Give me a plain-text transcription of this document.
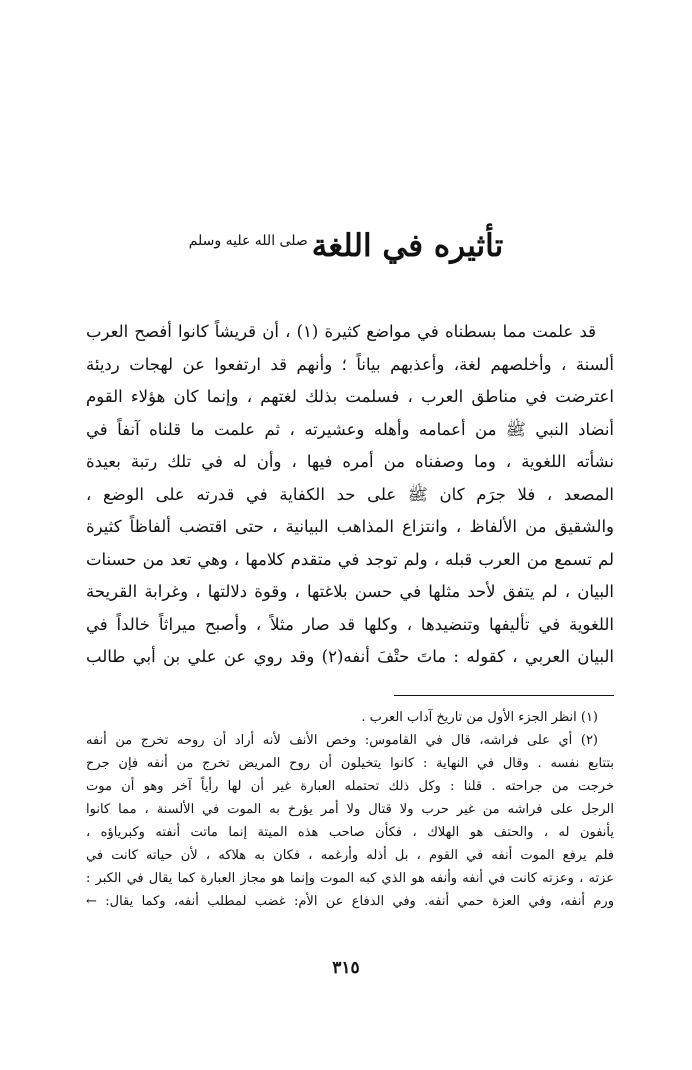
تأثيره في اللغة$^{صلى الله عليه وسلم}$
قد علمت مما بسطناه في مواضع كثيرة (١) ، أن قريشاً كانوا أفصح العرب
ألسنة ، وأخلصهم لغة، وأعذبهم بياناً ؛ وأنهم قد ارتفعوا عن لهجات رديئة
اعترضت في مناطق العرب ، فسلمت بذلك لغتهم ، وإنما كان هؤلاء القوم
أنضاد النبي ﷺ من أعمامه وأهله وعشيرته ، ثم علمت ما قلناه آنفاً في
نشأته اللغوية ، وما وصفناه من أمره فيها ، وأن له في تلك رتبة بعيدة
المصعد ، فلا جرَم كان ﷺ على حد الكفاية في قدرته على الوضع ،
والشقيق من الألفاظ ، وانتزاع المذاهب البيانية ، حتى اقتضب ألفاظاً كثيرة
لم تسمع من العرب قبله ، ولم توجد في متقدم كلامها ، وهي تعد من حسنات
البيان ، لم يتفق لأحد مثلها في حسن بلاغتها ، وقوة دلالتها ، وغرابة القريحة
اللغوية في تأليفها وتنضيدها ، وكلها قد صار مثلاً ، وأصبح ميراثاً خالداً في
البيان العربي ، كقوله : ماتَ حتْفَ أنفه(٢) وقد روي عن علي بن أبي طالب
(١) انظر الجزء الأول من تاريخ آداب العرب .
(٢) أي على فراشه، قال في القاموس: وخص الأنف لأنه أراد أن روحه تخرج من أنفه
بتتابع نفسه . وقال في النهاية : كانوا يتخيلون أن روح المريض تخرج من أنفه فإن جرح
خرجت من جراحته . قلنا : وكل ذلك تحتمله العبارة غير أن لها رأياً آخر وهو أن موت
الرجل على فراشه من غير حرب ولا قتال ولا أمر يؤرخ به الموت في الألسنة ، مما كانوا
يأنفون له ، والحتف هو الهلاك ، فكأن صاحب هذه الميتة إنما ماتت أنفته وكبرياؤه ،
فلم يرفع الموت أنفه في القوم ، بل أذله وأرغمه ، فكان به هلاكه ، لأن حياته كانت في
عزته ، وعزته كانت في أنفه وأنفه هو الذي كبه الموت وإنما هو مجاز العبارة كما يقال في الكبر :
ورم أنفه، وفي العزة حمي أنفه. وفي الدفاع عن الأم: غضب لمطلب أنفه، وكما يقال: ←
٣١٥
